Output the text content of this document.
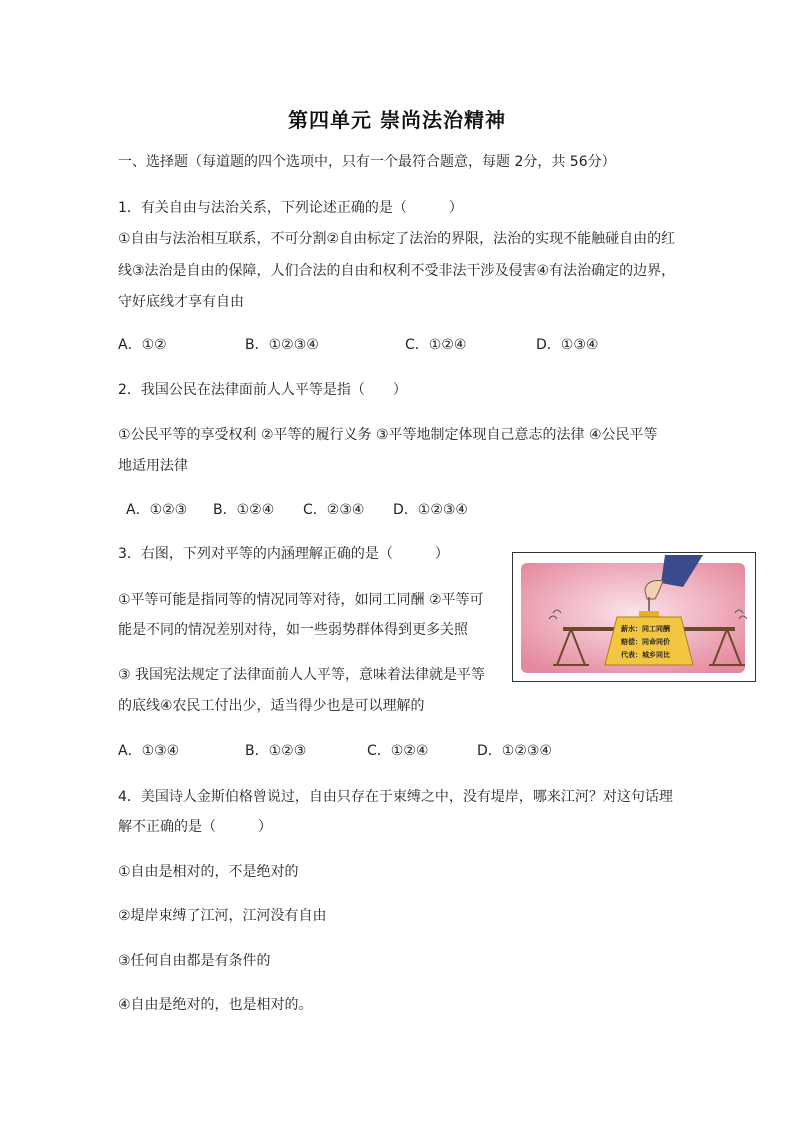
第四单元 崇尚法治精神
一、选择题（每道题的四个选项中，只有一个最符合题意，每题 2分，共 56分）
1．有关自由与法治关系，下列论述正确的是（　　　）
①自由与法治相互联系，不可分割②自由标定了法治的界限，法治的实现不能触碰自由的红
线③法治是自由的保障，人们合法的自由和权利不受非法干涉及侵害④有法治确定的边界，
守好底线才享有自由
A．①②	B．①②③④	C．①②④	D．①③④
2．我国公民在法律面前人人平等是指（　　）
①公民平等的享受权利 ②平等的履行义务 ③平等地制定体现自己意志的法律 ④公民平等
地适用法律
A．①②③ B．①②④ C．②③④ D．①②③④
3．右图，下列对平等的内涵理解正确的是（　　　）
①平等可能是指同等的情况同等对待，如同工同酬 ②平等可
能是不同的情况差别对待，如一些弱势群体得到更多关照
③ 我国宪法规定了法律面前人人平等，意味着法律就是平等
的底线④农民工付出少，适当得少也是可以理解的
薪水：同工同酬
赔偿：同命同价
代表：城乡同比
A．①③④	B．①②③	C．①②④	D．①②③④
4．美国诗人金斯伯格曾说过，自由只存在于束缚之中，没有堤岸，哪来江河？对这句话理
解不正确的是（　　　）
①自由是相对的，不是绝对的
②堤岸束缚了江河，江河没有自由
③任何自由都是有条件的
④自由是绝对的，也是相对的。
